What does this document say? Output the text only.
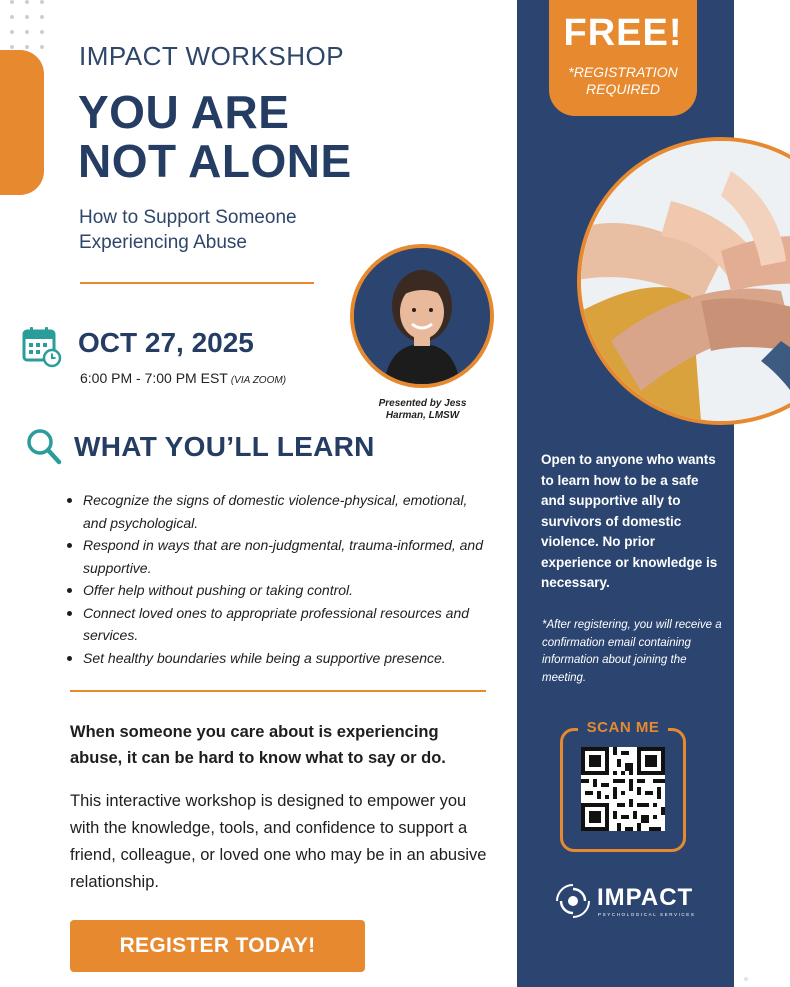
IMPACT WORKSHOP
YOU ARE
NOT ALONE
How to Support Someone Experiencing Abuse
OCT 27, 2025
6:00 PM - 7:00 PM EST (VIA ZOOM)
Presented by Jess Harman, LMSW
WHAT YOU’LL LEARN
Recognize the signs of domestic violence-physical, emotional, and psychological.
Respond in ways that are non-judgmental, trauma-informed, and supportive.
Offer help without pushing or taking control.
Connect loved ones to appropriate professional resources and services.
Set healthy boundaries while being a supportive presence.
When someone you care about is experiencing abuse, it can be hard to know what to say or do.
This interactive workshop is designed to empower you with the knowledge, tools, and confidence to support a friend, colleague, or loved one who may be in an abusive relationship.
REGISTER TODAY!
FREE!
*REGISTRATION REQUIRED
Open to anyone who wants to learn how to be a safe and supportive ally to survivors of domestic violence. No prior experience or knowledge is necessary.
*After registering, you will receive a confirmation email containing information about joining the meeting.
SCAN ME
IMPACT
PSYCHOLOGICAL SERVICES
